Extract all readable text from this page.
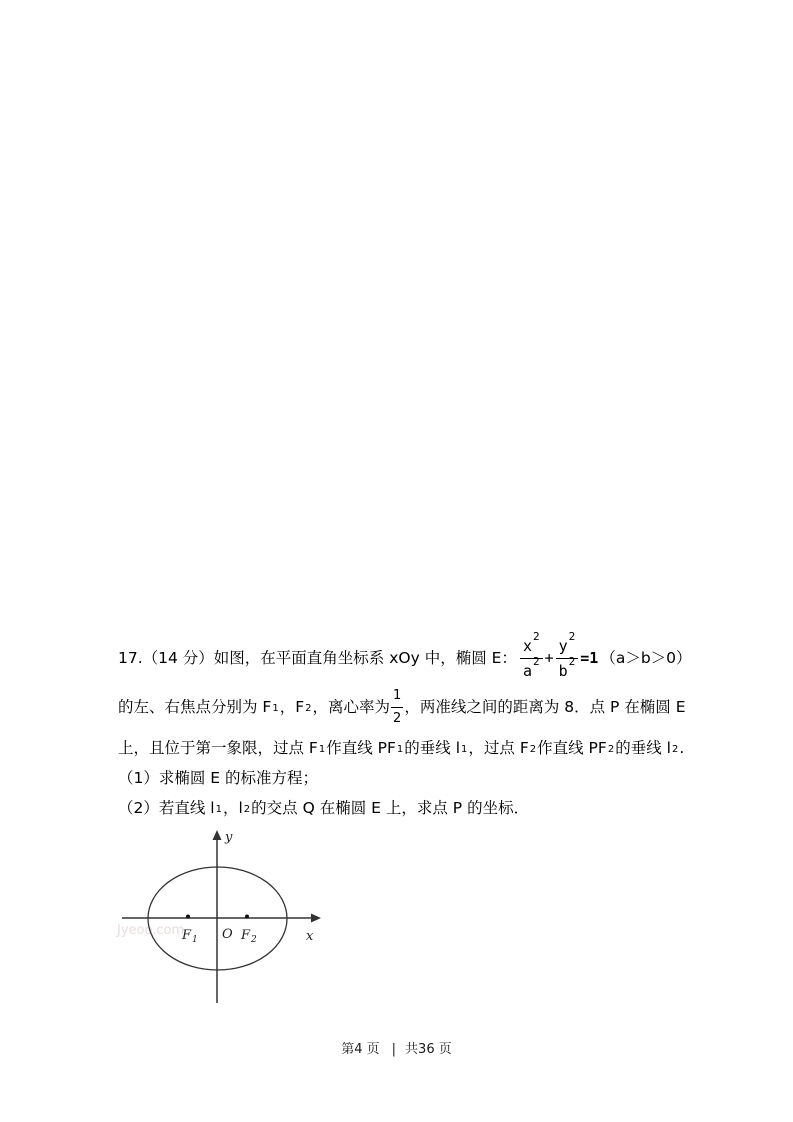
17.（14 分）如图，在平面直角坐标系 xOy 中，椭圆 E： $\frac{x^2}{a^2} + \frac{y^2}{b^2} =1$ （a＞b＞0）
的左、右焦点分别为 $F_1$ ，$F_2$ ，离心率为 $\frac{1}{2}$ ，两准线之间的距离为 8．点 P 在椭圆 E
上，且位于第一象限，过点 $F_1$ 作直线 $PF_1$ 的垂线 $l_1$ ，过点 $F_2$ 作直线 $PF_2$ 的垂线 $l_2$ .
（1）求椭圆 E 的标准方程；
（2）若直线 $l_1$ ，$l_2$ 的交点 Q 在椭圆 E 上，求点 P 的坐标．
Jyeoo.com
F 1 O F 2	x
y
第4 页 | 共36 页
